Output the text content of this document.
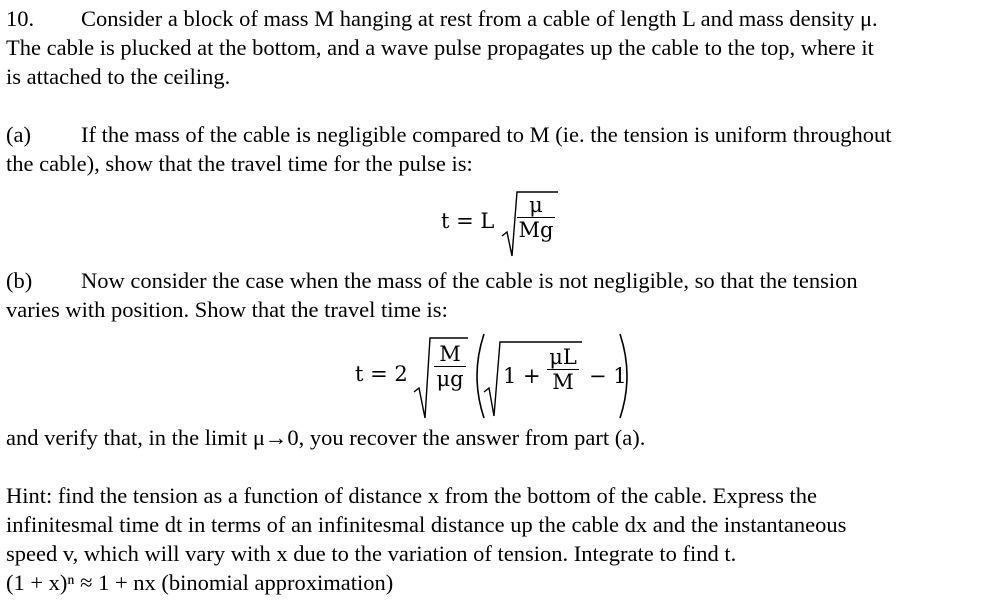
10. Consider a block of mass M hanging at rest from a cable of length L and mass density μ.
The cable is plucked at the bottom, and a wave pulse propagates up the cable to the top, where it
is attached to the ceiling.
(a) If the mass of the cable is negligible compared to M (ie. the tension is uniform throughout
the cable), show that the travel time for the pulse is:
t = L $\frac{\mu}{Mg}$
(b) Now consider the case when the mass of the cable is not negligible, so that the tension
varies with position. Show that the travel time is:
$t = 2 \frac{M}{\mu g} 1 + \frac{\mu L}{M} - 1$
and verify that, in the limit μ→0, you recover the answer from part (a).
Hint: find the tension as a function of distance x from the bottom of the cable. Express the
infinitesmal time dt in terms of an infinitesmal distance up the cable dx and the instantaneous
speed v, which will vary with x due to the variation of tension. Integrate to find t.
(1 + x)ⁿ ≈ 1 + nx (binomial approximation)
